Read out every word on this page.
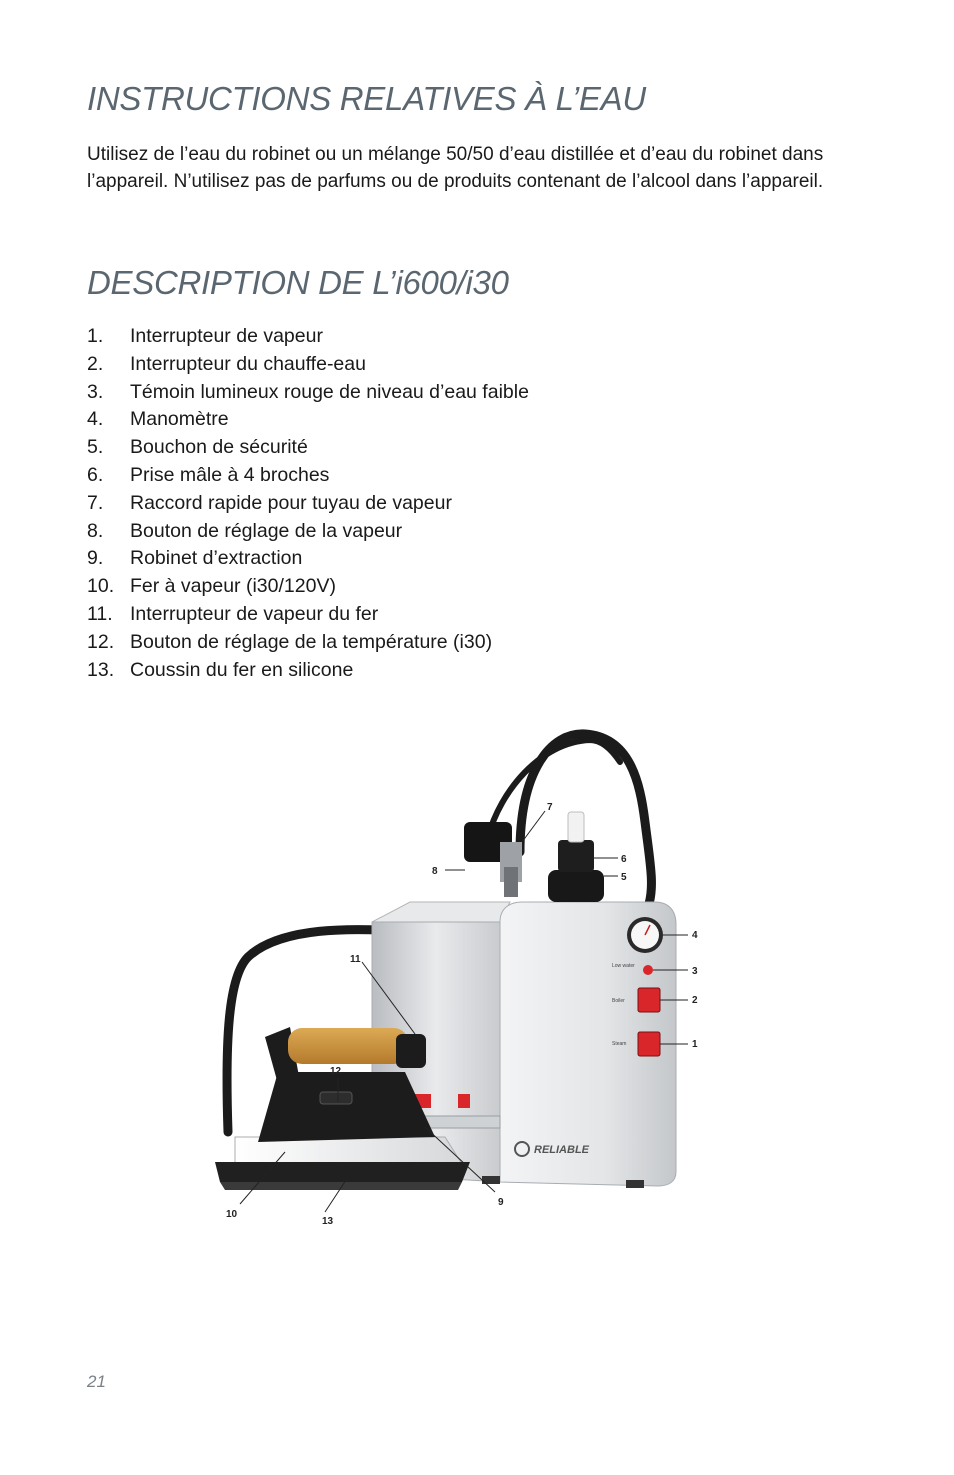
INSTRUCTIONS RELATIVES À L’EAU

Utilisez de l’eau du robinet ou un mélange 50/50 d’eau distillée et d’eau du robinet dans l’appareil. N’utilisez pas de parfums ou de produits contenant de l’alcool dans l’appareil.

DESCRIPTION DE L’i600/i30
1.	Interrupteur de vapeur
2.	Interrupteur du chauffe-eau
3.	Témoin lumineux rouge de niveau d’eau faible
4.	Manomètre
5.	Bouchon de sécurité
6.	Prise mâle à 4 broches
7.	Raccord rapide pour tuyau de vapeur
8.	Bouton de réglage de la vapeur
9.	Robinet d’extraction
10. Fer à vapeur (i30/120V)
11. Interrupteur de vapeur du fer
12. Bouton de réglage de la température (i30)
13. Coussin du fer en silicone
Low water
Boiler
Steam
RELIABLE
1
2
3
4
5
6
7
8
9
10
11
12
13
21
